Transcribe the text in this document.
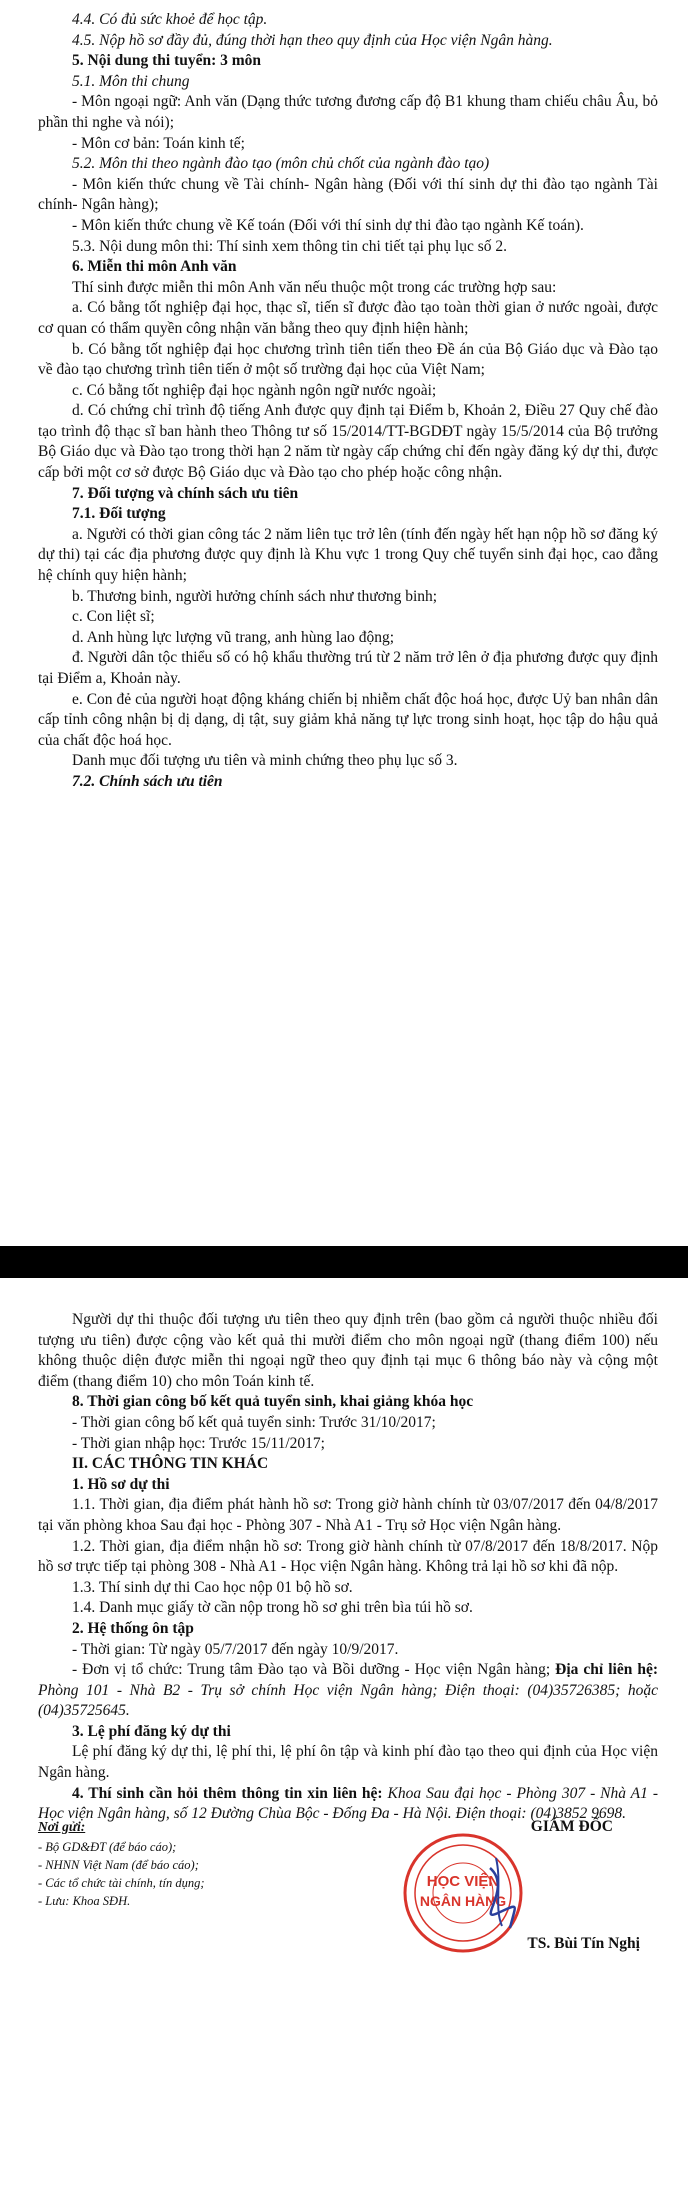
4.4. Có đủ sức khoẻ để học tập.

4.5. Nộp hồ sơ đầy đủ, đúng thời hạn theo quy định của Học viện Ngân hàng.

5. Nội dung thi tuyển: 3 môn

5.1. Môn thi chung

- Môn ngoại ngữ: Anh văn (Dạng thức tương đương cấp độ B1 khung tham chiếu châu Âu, bỏ phần thi nghe và nói);

- Môn cơ bản: Toán kinh tế;

5.2. Môn thi theo ngành đào tạo (môn chủ chốt của ngành đào tạo)

- Môn kiến thức chung về Tài chính- Ngân hàng (Đối với thí sinh dự thi đào tạo ngành Tài chính- Ngân hàng);

- Môn kiến thức chung về Kế toán (Đối với thí sinh dự thi đào tạo ngành Kế toán).

5.3. Nội dung môn thi: Thí sinh xem thông tin chi tiết tại phụ lục số 2.

6. Miễn thi môn Anh văn

Thí sinh được miễn thi môn Anh văn nếu thuộc một trong các trường hợp sau:

a. Có bằng tốt nghiệp đại học, thạc sĩ, tiến sĩ được đào tạo toàn thời gian ở nước ngoài, được cơ quan có thẩm quyền công nhận văn bằng theo quy định hiện hành;

b. Có bằng tốt nghiệp đại học chương trình tiên tiến theo Đề án của Bộ Giáo dục và Đào tạo về đào tạo chương trình tiên tiến ở một số trường đại học của Việt Nam;

c. Có bằng tốt nghiệp đại học ngành ngôn ngữ nước ngoài;

d. Có chứng chỉ trình độ tiếng Anh được quy định tại Điểm b, Khoản 2, Điều 27 Quy chế đào tạo trình độ thạc sĩ ban hành theo Thông tư số 15/2014/TT-BGDĐT ngày 15/5/2014 của Bộ trưởng Bộ Giáo dục và Đào tạo trong thời hạn 2 năm từ ngày cấp chứng chỉ đến ngày đăng ký dự thi, được cấp bởi một cơ sở được Bộ Giáo dục và Đào tạo cho phép hoặc công nhận.

7. Đối tượng và chính sách ưu tiên

7.1. Đối tượng

a. Người có thời gian công tác 2 năm liên tục trở lên (tính đến ngày hết hạn nộp hồ sơ đăng ký dự thi) tại các địa phương được quy định là Khu vực 1 trong Quy chế tuyển sinh đại học, cao đẳng hệ chính quy hiện hành;

b. Thương binh, người hưởng chính sách như thương binh;

c. Con liệt sĩ;

d. Anh hùng lực lượng vũ trang, anh hùng lao động;

đ. Người dân tộc thiểu số có hộ khẩu thường trú từ 2 năm trở lên ở địa phương được quy định tại Điểm a, Khoản này.

e. Con đẻ của người hoạt động kháng chiến bị nhiễm chất độc hoá học, được Uỷ ban nhân dân cấp tỉnh công nhận bị dị dạng, dị tật, suy giảm khả năng tự lực trong sinh hoạt, học tập do hậu quả của chất độc hoá học.

Danh mục đối tượng ưu tiên và minh chứng theo phụ lục số 3.

7.2. Chính sách ưu tiên

Người dự thi thuộc đối tượng ưu tiên theo quy định trên (bao gồm cả người thuộc nhiều đối tượng ưu tiên) được cộng vào kết quả thi mười điểm cho môn ngoại ngữ (thang điểm 100) nếu không thuộc diện được miễn thi ngoại ngữ theo quy định tại mục 6 thông báo này và cộng một điểm (thang điểm 10) cho môn Toán kinh tế.

8. Thời gian công bố kết quả tuyển sinh, khai giảng khóa học

- Thời gian công bố kết quả tuyển sinh: Trước 31/10/2017;

- Thời gian nhập học: Trước 15/11/2017;

II. CÁC THÔNG TIN KHÁC

1. Hồ sơ dự thi

1.1. Thời gian, địa điểm phát hành hồ sơ: Trong giờ hành chính từ 03/07/2017 đến 04/8/2017 tại văn phòng khoa Sau đại học - Phòng 307 - Nhà A1 - Trụ sở Học viện Ngân hàng.

1.2. Thời gian, địa điểm nhận hồ sơ: Trong giờ hành chính từ 07/8/2017 đến 18/8/2017. Nộp hồ sơ trực tiếp tại phòng 308 - Nhà A1 - Học viện Ngân hàng. Không trả lại hồ sơ khi đã nộp.

1.3. Thí sinh dự thi Cao học nộp 01 bộ hồ sơ.

1.4. Danh mục giấy tờ cần nộp trong hồ sơ ghi trên bìa túi hồ sơ.

2. Hệ thống ôn tập

- Thời gian: Từ ngày 05/7/2017 đến ngày 10/9/2017.

- Đơn vị tổ chức: Trung tâm Đào tạo và Bồi dưỡng - Học viện Ngân hàng; Địa chỉ liên hệ: Phòng 101 - Nhà B2 - Trụ sở chính Học viện Ngân hàng; Điện thoại: (04)35726385; hoặc (04)35725645.

3. Lệ phí đăng ký dự thi

Lệ phí đăng ký dự thi, lệ phí thi, lệ phí ôn tập và kinh phí đào tạo theo qui định của Học viện Ngân hàng.

4. Thí sinh cần hỏi thêm thông tin xin liên hệ: Khoa Sau đại học - Phòng 307 - Nhà A1 - Học viện Ngân hàng, số 12 Đường Chùa Bộc - Đống Đa - Hà Nội. Điện thoại: (04)3852 9698.

Nơi gửi:
- Bộ GD&ĐT (để báo cáo);
- NHNN Việt Nam (để báo cáo);
- Các tổ chức tài chính, tín dụng;
- Lưu: Khoa SĐH.
GIÁM ĐỐC
HỌC VIỆN
NGÂN HÀNG
TS. Bùi Tín Nghị
